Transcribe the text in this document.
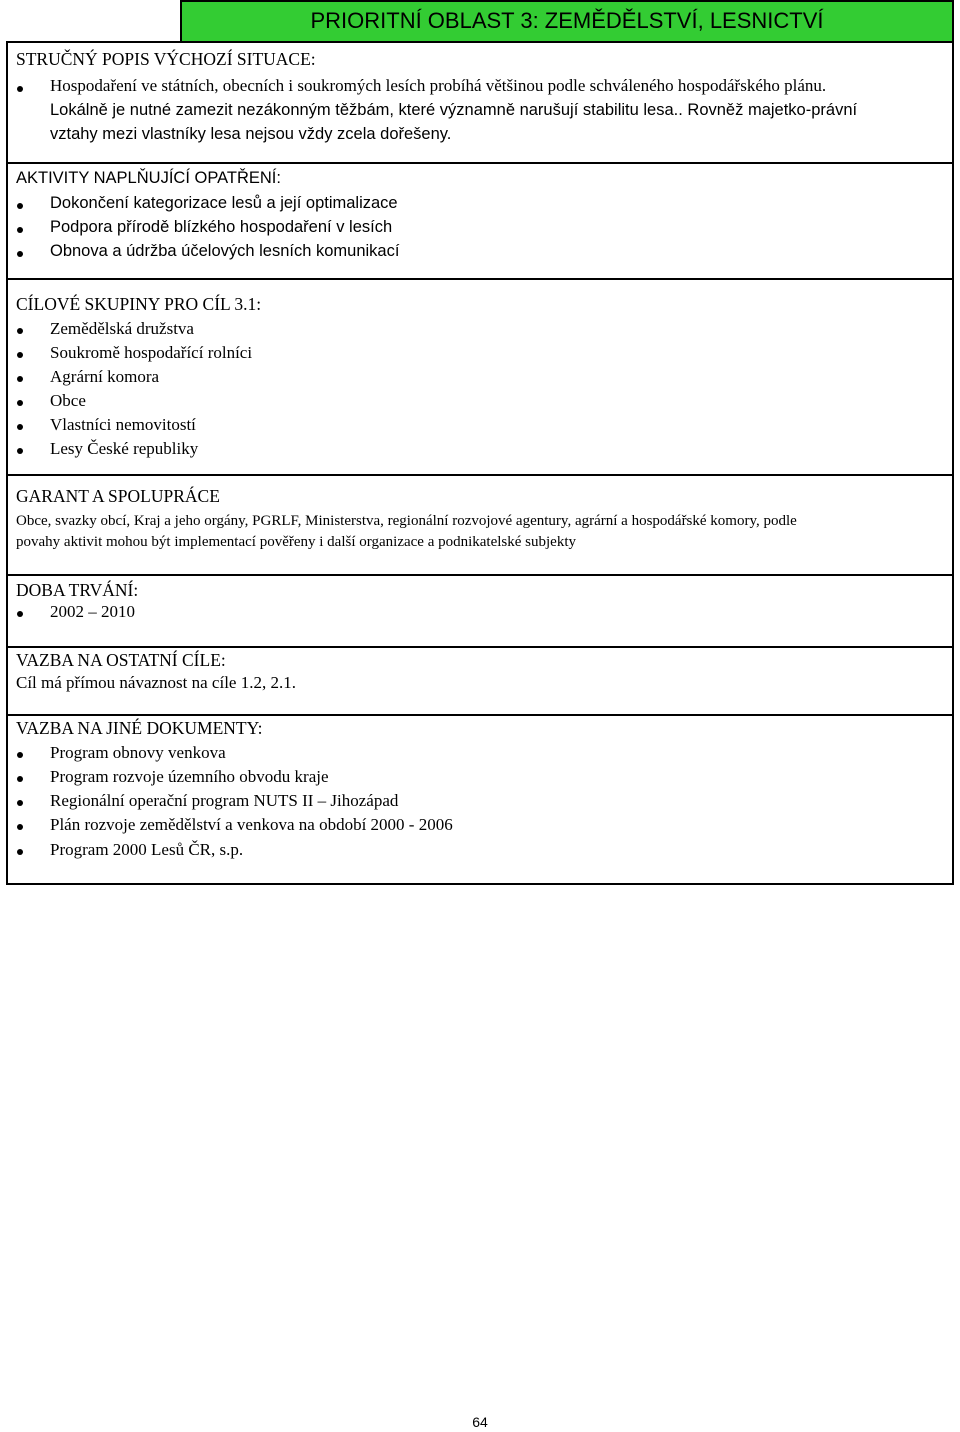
PRIORITNÍ OBLAST 3: ZEMĚDĚLSTVÍ, LESNICTVÍ
STRUČNÝ POPIS VÝCHOZÍ SITUACE:
Hospodaření ve státních, obecních i soukromých lesích probíhá většinou podle schváleného hospodářského plánu.
Lokálně je nutné zamezit nezákonným těžbám, které významně narušují stabilitu lesa.. Rovněž majetko-právní
vztahy mezi vlastníky lesa nejsou vždy zcela dořešeny.
AKTIVITY NAPLŇUJÍCÍ OPATŘENÍ:
Dokončení kategorizace lesů a její optimalizace
Podpora přírodě blízkého hospodaření v lesích
Obnova a údržba účelových lesních komunikací
CÍLOVÉ SKUPINY PRO CÍL 3.1:
Zemědělská družstva
Soukromě hospodařící rolníci
Agrární komora
Obce
Vlastníci nemovitostí
Lesy České republiky
GARANT A SPOLUPRÁCE
Obce, svazky obcí, Kraj a jeho orgány, PGRLF, Ministerstva, regionální rozvojové agentury, agrární a hospodářské komory, podle
povahy aktivit mohou být implementací pověřeny i další organizace a podnikatelské subjekty
DOBA TRVÁNÍ:
2002 – 2010
VAZBA NA OSTATNÍ CÍLE:
Cíl má přímou návaznost na cíle 1.2, 2.1.
VAZBA NA JINÉ DOKUMENTY:
Program obnovy venkova
Program rozvoje územního obvodu kraje
Regionální operační program NUTS II – Jihozápad
Plán rozvoje zemědělství a venkova na období 2000 - 2006
Program 2000 Lesů ČR, s.p.
64
